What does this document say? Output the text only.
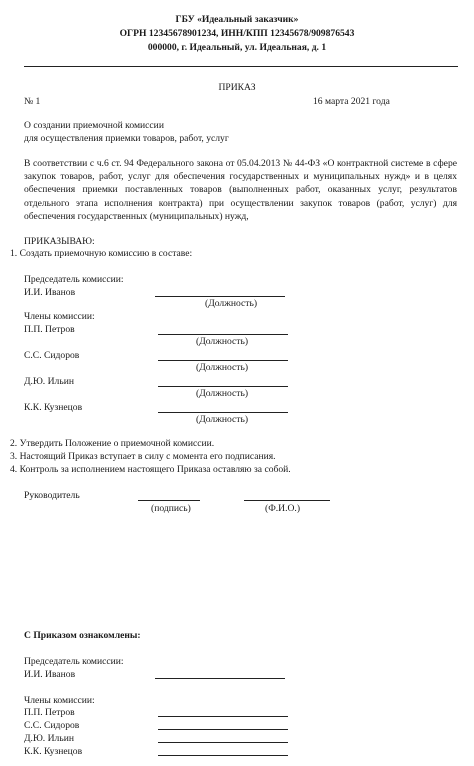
ГБУ «Идеальный заказчик»
ОГРН 12345678901234, ИНН/КПП 12345678/909876543
000000, г. Идеальный, ул. Идеальная, д. 1
ПРИКАЗ
№ 1	16 марта 2021 года
О создании приемочной комиссии
для осуществления приемки товаров, работ, услуг
В соответствии с ч.6 ст. 94 Федерального закона от 05.04.2013 № 44-ФЗ «О контрактной системе в сфере закупок товаров, работ, услуг для обеспечения государственных и муниципальных нужд» и в целях обеспечения приемки поставленных товаров (выполненных работ, оказанных услуг, результатов отдельного этапа исполнения контракта) при осуществлении закупок товаров (работ, услуг) для обеспечения государственных (муниципальных) нужд,
ПРИКАЗЫВАЮ:
1. Создать приемочную комиссию в составе:
Председатель комиссии:
И.И. Иванов
(Должность)
Члены комиссии:
П.П. Петров
(Должность)
С.С. Сидоров
(Должность)
Д.Ю. Ильин
(Должность)
К.К. Кузнецов
(Должность)
2. Утвердить Положение о приемочной комиссии.
3. Настоящий Приказ вступает в силу с момента его подписания.
4. Контроль за исполнением настоящего Приказа оставляю за собой.
Руководитель
(подпись)	(Ф.И.О.)
С Приказом ознакомлены:
Председатель комиссии:
И.И. Иванов
Члены комиссии:
П.П. Петров
С.С. Сидоров
Д.Ю. Ильин
К.К. Кузнецов
